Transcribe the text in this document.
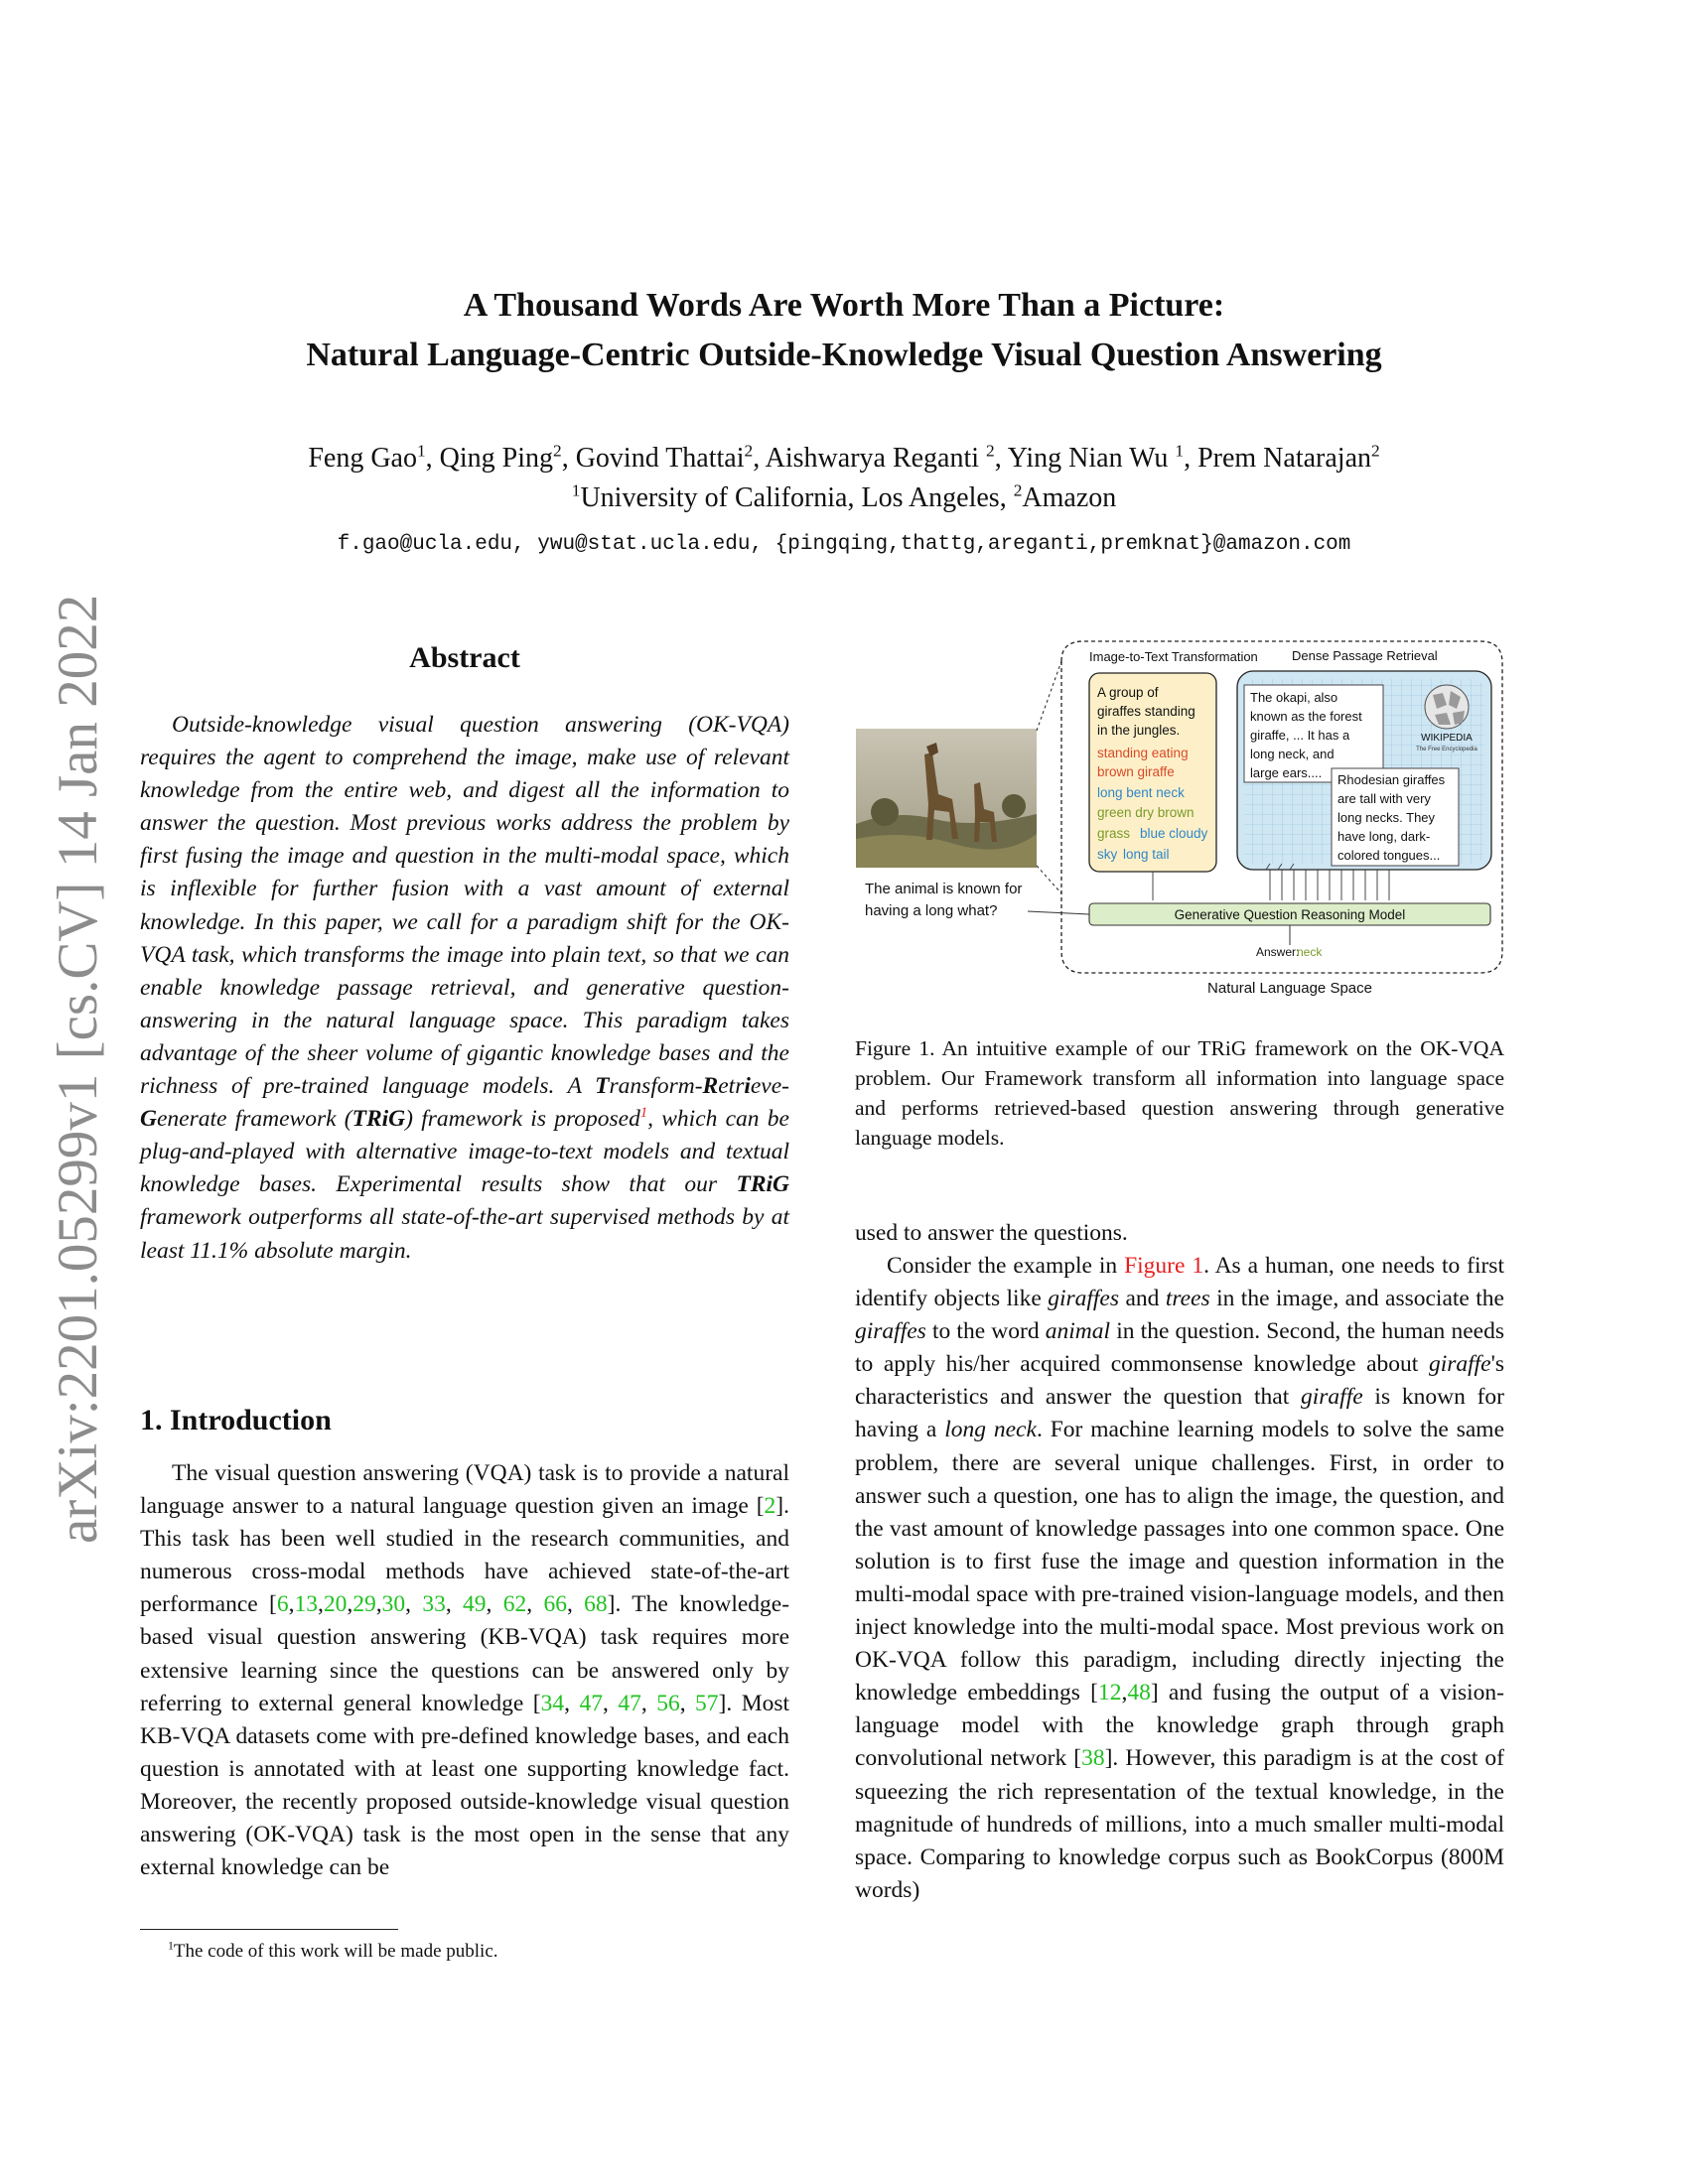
arXiv:2201.05299v1 [cs.CV] 14 Jan 2022
A Thousand Words Are Worth More Than a Picture:
Natural Language-Centric Outside-Knowledge Visual Question Answering
Feng Gao$^1$, Qing Ping$^2$, Govind Thattai$^2$, Aishwarya Reganti $^2$, Ying Nian Wu $^1$, Prem Natarajan$^2$
$^1$University of California, Los Angeles, $^2$Amazon
f.gao@ucla.edu, ywu@stat.ucla.edu, {pingqing,thattg,areganti,premknat}@amazon.com
Abstract
Outside-knowledge visual question answering (OK-VQA) requires the agent to comprehend the image, make use of relevant knowledge from the entire web, and digest all the information to answer the question. Most previous works address the problem by first fusing the image and question in the multi-modal space, which is inflexible for further fusion with a vast amount of external knowledge. In this paper, we call for a paradigm shift for the OK-VQA task, which transforms the image into plain text, so that we can enable knowledge passage retrieval, and generative question-answering in the natural language space. This paradigm takes advantage of the sheer volume of gigantic knowledge bases and the richness of pre-trained language models. A Transform-Retrieve-Generate framework (TRiG) framework is proposed$^1$, which can be plug-and-played with alternative image-to-text models and textual knowledge bases. Experimental results show that our TRiG framework outperforms all state-of-the-art supervised methods by at least 11.1% absolute margin.
1. Introduction
The visual question answering (VQA) task is to provide a natural language answer to a natural language question given an image [2]. This task has been well studied in the research communities, and numerous cross-modal methods have achieved state-of-the-art performance [6,13,20,29,30, 33, 49, 62, 66, 68]. The knowledge-based visual question answering (KB-VQA) task requires more extensive learning since the questions can be answered only by referring to external general knowledge [34, 47, 47, 56, 57]. Most KB-VQA datasets come with pre-defined knowledge bases, and each question is annotated with at least one supporting knowledge fact. Moreover, the recently proposed outside-knowledge visual question answering (OK-VQA) task is the most open in the sense that any external knowledge can be
$^1$The code of this work will be made public.
Image-to-Text Transformation	Dense Passage Retrieval
A group of
giraffes standing
in the jungles.
standing eating
brown giraffe
long bent neck
green dry brown
grass blue cloudy
sky long tail
The okapi, also
known as the forest
giraffe, ... It has a
long neck, and
large ears.... Rhodesian giraffes
are tall with very
long necks. They
have long, dark-
colored tongues...
WIKIPEDIA
The Free Encyclopedia
The animal is known for
having a long what?	Generative Question Reasoning Model
Answer:
neck
Natural Language Space
Figure 1. An intuitive example of our TRiG framework on the OK-VQA problem. Our Framework transform all information into language space and performs retrieved-based question answering through generative language models.
used to answer the questions.
Consider the example in Figure 1. As a human, one needs to first identify objects like giraffes and trees in the image, and associate the giraffes to the word animal in the question. Second, the human needs to apply his/her acquired commonsense knowledge about giraffe's characteristics and answer the question that giraffe is known for having a long neck. For machine learning models to solve the same problem, there are several unique challenges. First, in order to answer such a question, one has to align the image, the question, and the vast amount of knowledge passages into one common space. One solution is to first fuse the image and question information in the multi-modal space with pre-trained vision-language models, and then inject knowledge into the multi-modal space. Most previous work on OK-VQA follow this paradigm, including directly injecting the knowledge embeddings [12,48] and fusing the output of a vision-language model with the knowledge graph through graph convolutional network [38]. However, this paradigm is at the cost of squeezing the rich representation of the textual knowledge, in the magnitude of hundreds of millions, into a much smaller multi-modal space. Comparing to knowledge corpus such as BookCorpus (800M words)
